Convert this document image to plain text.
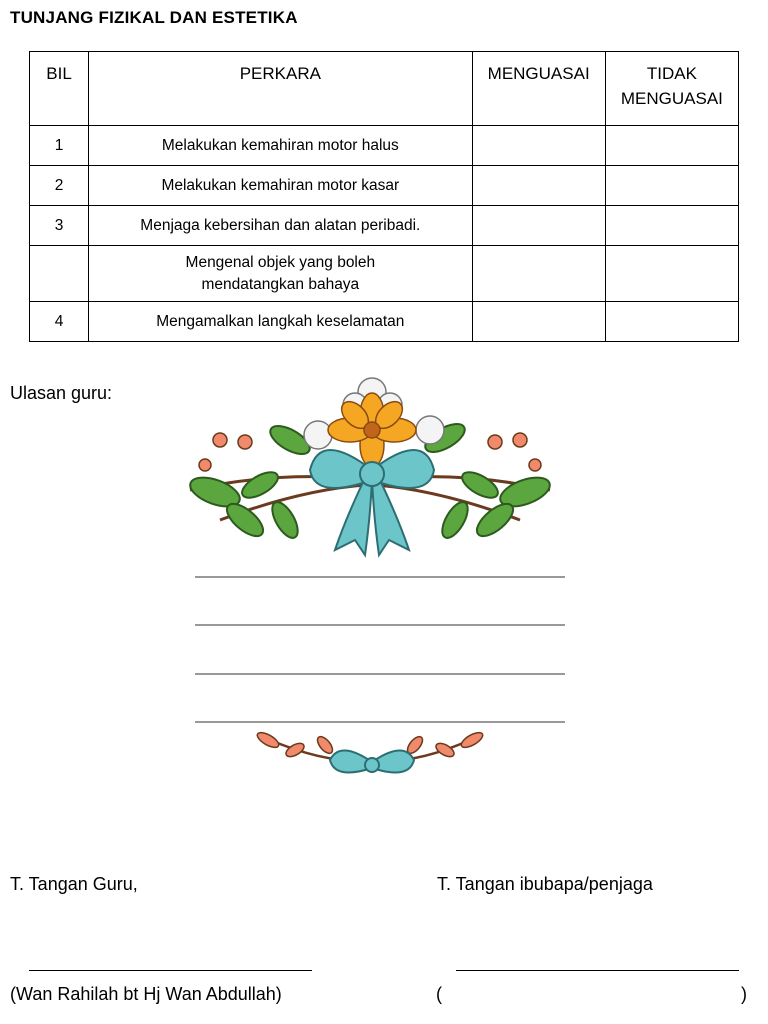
TUNJANG FIZIKAL DAN ESTETIKA
BIL	PERKARA	MENGUASAI	TIDAK
MENGUASAI
1	Melakukan kemahiran motor halus		
2	Melakukan kemahiran motor kasar		
3	Menjaga kebersihan dan alatan peribadi.		
	Mengenal objek yang boleh
mendatangkan bahaya		
4	Mengamalkan langkah keselamatan		
Ulasan guru:
T. Tangan Guru,	T. Tangan ibubapa/penjaga
(Wan Rahilah bt Hj Wan Abdullah)	(	)
